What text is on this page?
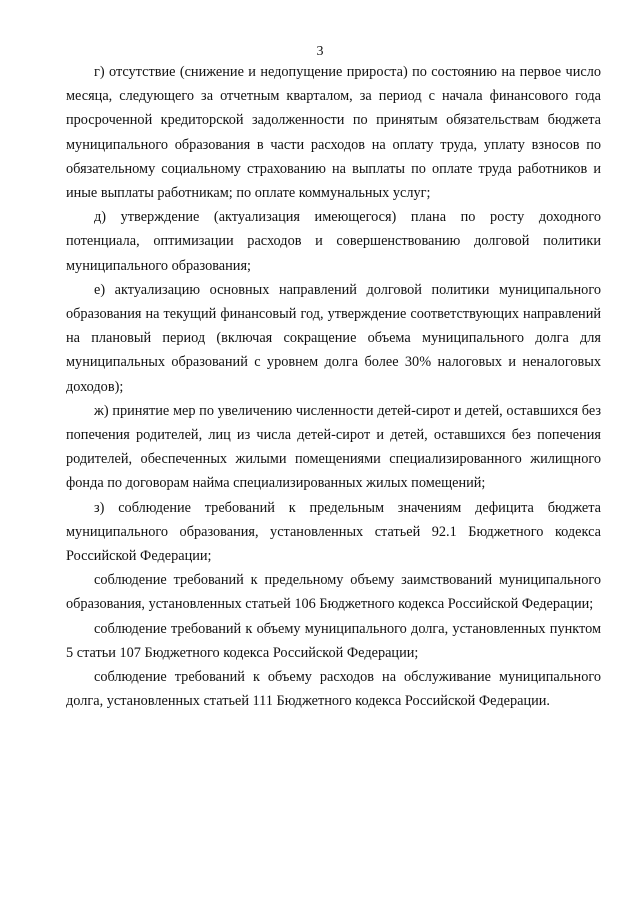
3

г) отсутствие (снижение и недопущение прироста) по состоянию на первое число месяца, следующего за отчетным кварталом, за период с начала финансового года просроченной кредиторской задолженности по принятым обязательствам бюджета муниципального образования в части расходов на оплату труда, уплату взносов по обязательному социальному страхованию на выплаты по оплате труда работников и иные выплаты работникам; по оплате коммунальных услуг;

д) утверждение (актуализация имеющегося) плана по росту доходного потенциала, оптимизации расходов и совершенствованию долговой политики муниципального образования;

е) актуализацию основных направлений долговой политики муниципального образования на текущий финансовый год, утверждение соответствующих направлений на плановый период (включая сокращение объема муниципального долга для муниципальных образований с уровнем долга более 30% налоговых и неналоговых доходов);

ж) принятие мер по увеличению численности детей-сирот и детей, оставшихся без попечения родителей, лиц из числа детей-сирот и детей, оставшихся без попечения родителей, обеспеченных жилыми помещениями специализированного жилищного фонда по договорам найма специализированных жилых помещений;

з) соблюдение требований к предельным значениям дефицита бюджета муниципального образования, установленных статьей 92.1 Бюджетного кодекса Российской Федерации;

соблюдение требований к предельному объему заимствований муниципального образования, установленных статьей 106 Бюджетного кодекса Российской Федерации;

соблюдение требований к объему муниципального долга, установленных пунктом 5 статьи 107 Бюджетного кодекса Российской Федерации;

соблюдение требований к объему расходов на обслуживание муниципального долга, установленных статьей 111 Бюджетного кодекса Российской Федерации.
